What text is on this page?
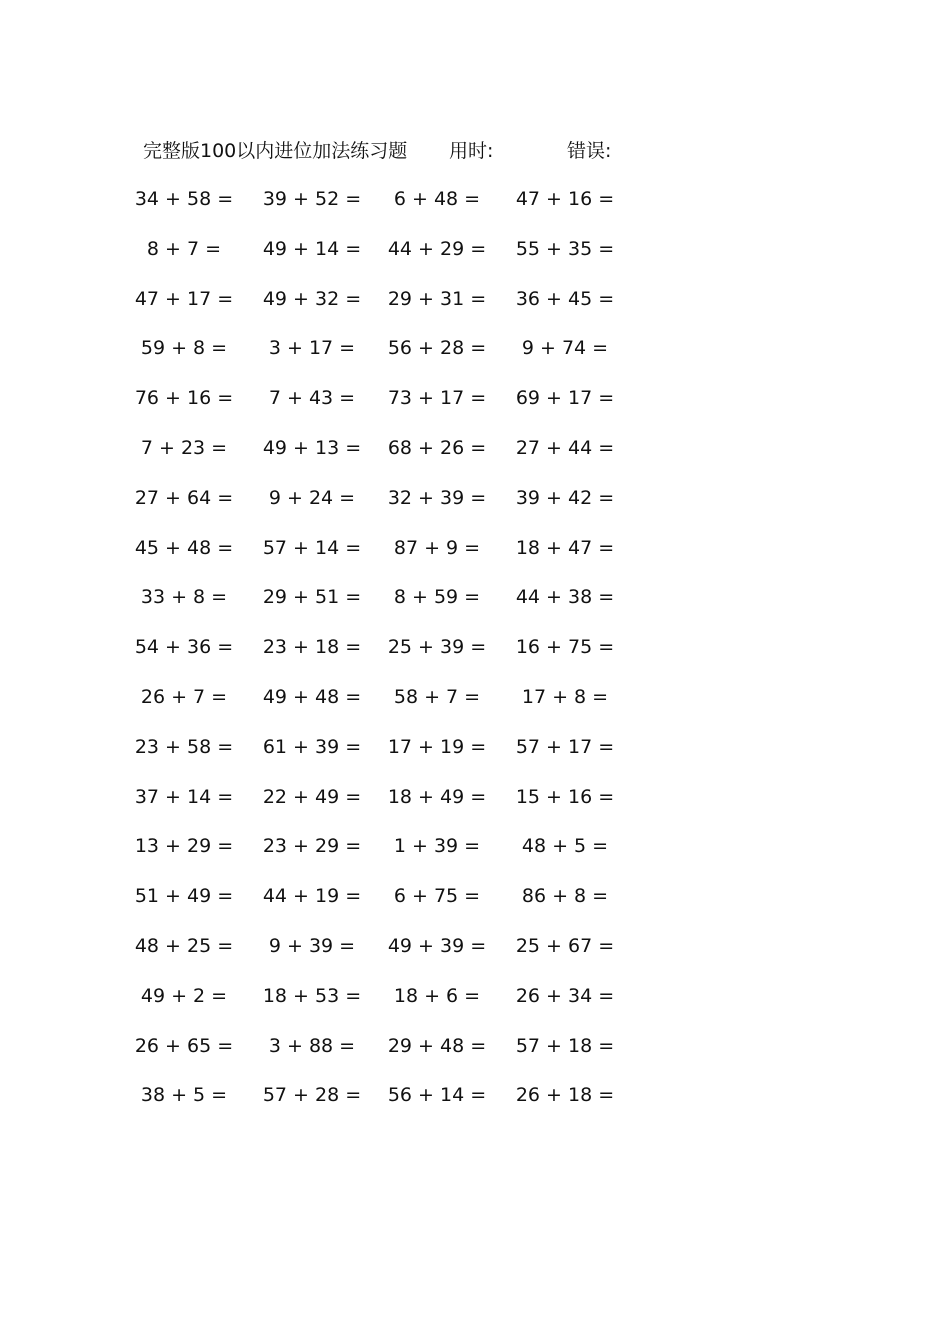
完整版100以内进位加法练习题 用时:	错误:
34 + 58 = 39 + 52 = 6 + 48 = 47 + 16 =
8 + 7 = 49 + 14 = 44 + 29 = 55 + 35 =
47 + 17 = 49 + 32 = 29 + 31 = 36 + 45 =
59 + 8 = 3 + 17 = 56 + 28 = 9 + 74 =
76 + 16 = 7 + 43 = 73 + 17 = 69 + 17 =
7 + 23 = 49 + 13 = 68 + 26 = 27 + 44 =
27 + 64 = 9 + 24 = 32 + 39 = 39 + 42 =
45 + 48 = 57 + 14 = 87 + 9 = 18 + 47 =
33 + 8 = 29 + 51 = 8 + 59 = 44 + 38 =
54 + 36 = 23 + 18 = 25 + 39 = 16 + 75 =
26 + 7 = 49 + 48 = 58 + 7 = 17 + 8 =
23 + 58 = 61 + 39 = 17 + 19 = 57 + 17 =
37 + 14 = 22 + 49 = 18 + 49 = 15 + 16 =
13 + 29 = 23 + 29 = 1 + 39 = 48 + 5 =
51 + 49 = 44 + 19 = 6 + 75 = 86 + 8 =
48 + 25 = 9 + 39 = 49 + 39 = 25 + 67 =
49 + 2 = 18 + 53 = 18 + 6 = 26 + 34 =
26 + 65 = 3 + 88 = 29 + 48 = 57 + 18 =
38 + 5 = 57 + 28 = 56 + 14 = 26 + 18 =
